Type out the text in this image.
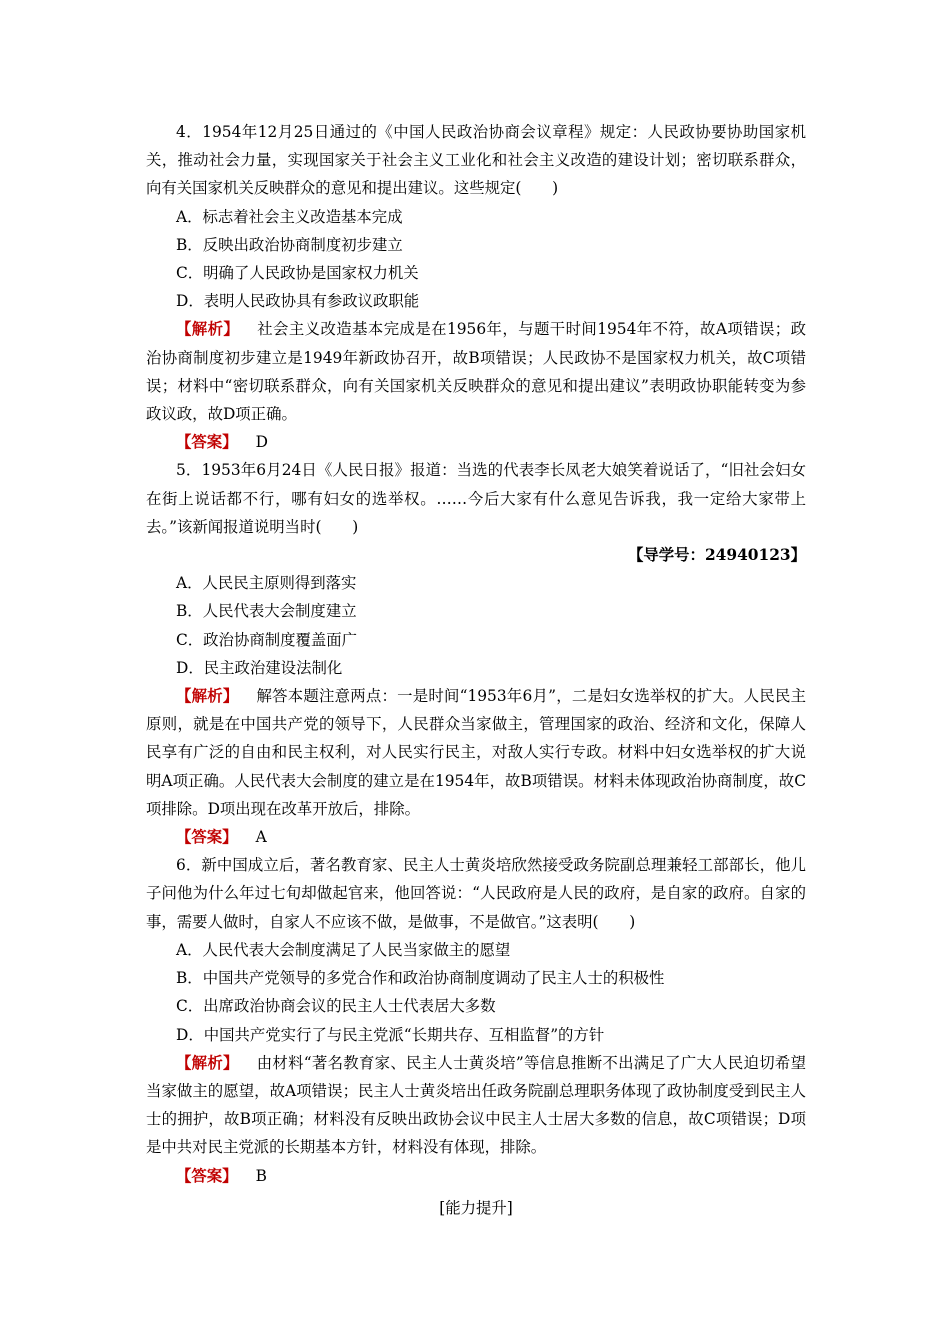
4．1954年12月25日通过的《中国人民政治协商会议章程》规定：人民政协要协助国家机关，推动社会力量，实现国家关于社会主义工业化和社会主义改造的建设计划；密切联系群众，向有关国家机关反映群众的意见和提出建议。这些规定(　　)

A．标志着社会主义改造基本完成

B．反映出政治协商制度初步建立

C．明确了人民政协是国家权力机关

D．表明人民政协具有参政议政职能

【解析】 社会主义改造基本完成是在1956年，与题干时间1954年不符，故A项错误；政治协商制度初步建立是1949年新政协召开，故B项错误；人民政协不是国家权力机关，故C项错误；材料中“密切联系群众，向有关国家机关反映群众的意见和提出建议”表明政协职能转变为参政议政，故D项正确。

【答案】 D

5．1953年6月24日《人民日报》报道：当选的代表李长凤老大娘笑着说话了，“旧社会妇女在街上说话都不行，哪有妇女的选举权。……今后大家有什么意见告诉我，我一定给大家带上去。”该新闻报道说明当时(　　)

【导学号：24940123】

A．人民民主原则得到落实

B．人民代表大会制度建立

C．政治协商制度覆盖面广

D．民主政治建设法制化

【解析】 解答本题注意两点：一是时间“1953年6月”，二是妇女选举权的扩大。人民民主原则，就是在中国共产党的领导下，人民群众当家做主，管理国家的政治、经济和文化，保障人民享有广泛的自由和民主权利，对人民实行民主，对敌人实行专政。材料中妇女选举权的扩大说明A项正确。人民代表大会制度的建立是在1954年，故B项错误。材料未体现政治协商制度，故C项排除。D项出现在改革开放后，排除。

【答案】 A

6．新中国成立后，著名教育家、民主人士黄炎培欣然接受政务院副总理兼轻工部部长，他儿子问他为什么年过七旬却做起官来，他回答说：“人民政府是人民的政府，是自家的政府。自家的事，需要人做时，自家人不应该不做，是做事，不是做官。”这表明(　　)

A．人民代表大会制度满足了人民当家做主的愿望

B．中国共产党领导的多党合作和政治协商制度调动了民主人士的积极性

C．出席政治协商会议的民主人士代表居大多数

D．中国共产党实行了与民主党派“长期共存、互相监督”的方针

【解析】 由材料“著名教育家、民主人士黄炎培”等信息推断不出满足了广大人民迫切希望当家做主的愿望，故A项错误；民主人士黄炎培出任政务院副总理职务体现了政协制度受到民主人士的拥护，故B项正确；材料没有反映出政协会议中民主人士居大多数的信息，故C项错误；D项是中共对民主党派的长期基本方针，材料没有体现，排除。

【答案】 B

[能力提升]
